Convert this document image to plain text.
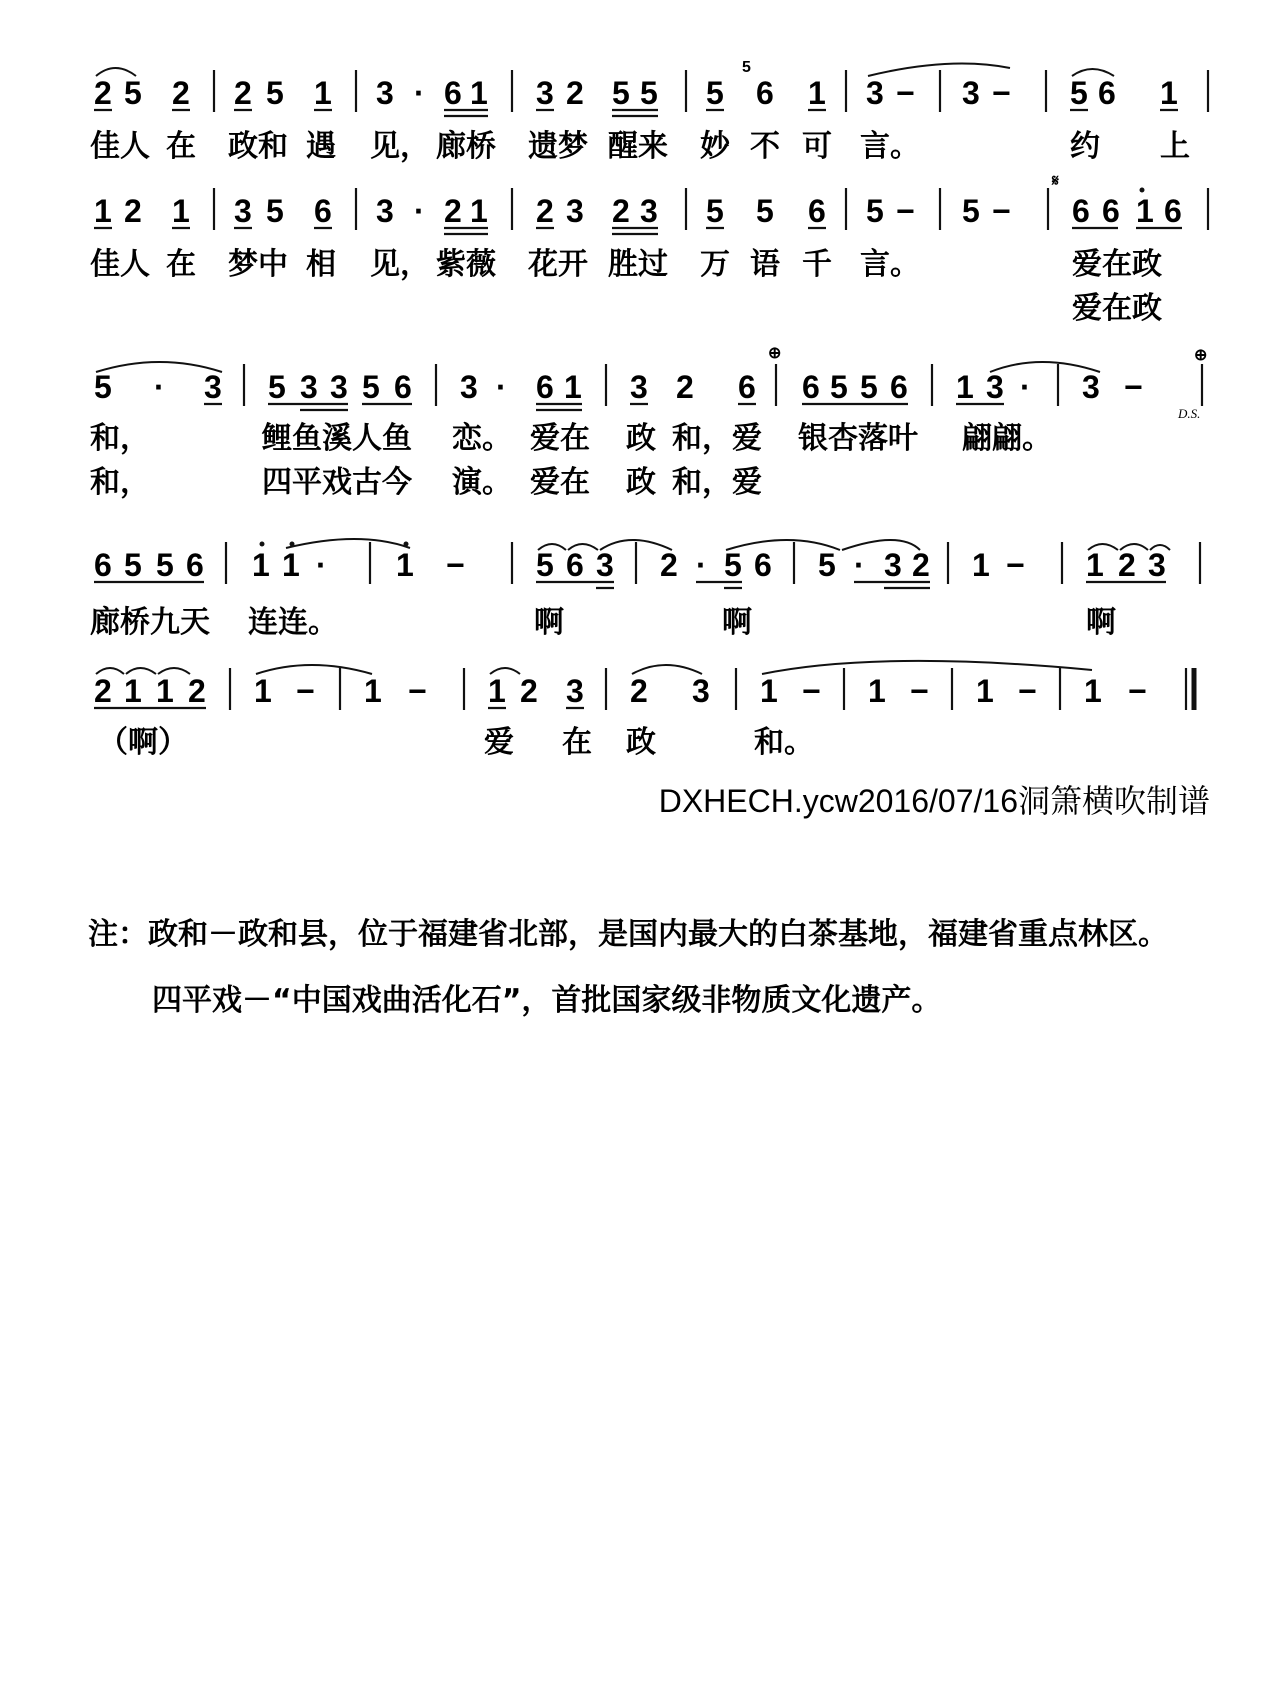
2 5 2 2 5 1 3 · 6 1 3 2 5 5 5 6 1 3 − 3 − 5 6 1
5
佳人 在 政和 遇 见， 廊桥 遗梦 醒来 妙 不 可 言。	约 上
1 2 1 3 5 6 3 · 2 1 2 3 2 3 5 5 6 5 − 5 − 6 6 1 6
𝄋
佳人 在 梦中 相 见， 紫薇 花开 胜过 万 语 千 言。	爱在政
爱在政
5 · 3 5 3 3 5 6 3 · 6 1 3 2 6 6 5 5 6 1 3 · 3 −
⊕	⊕
D.S.
和，	鲤鱼溪人鱼 恋。 爱在 政 和，爱 银杏落叶 翩翩。
和，	四平戏古今 演。 爱在 政 和，爱
6 5 5 6 1 1 · 1 − 5 6 3 2 · 5 6 5 · 3 2 1 − 1 2 3
廊桥九天 连连。	啊	啊	啊
2 1 1 2 1 − 1 − 1 2 3 2 3 1 − 1 − 1 − 1 −
（啊）	爱 在 政	和。
DXHECH.ycw2016/07/16洞箫横吹制谱
注：政和－政和县，位于福建省北部，是国内最大的白茶基地，福建省重点林区。
四平戏－“中国戏曲活化石”，首批国家级非物质文化遗产。
